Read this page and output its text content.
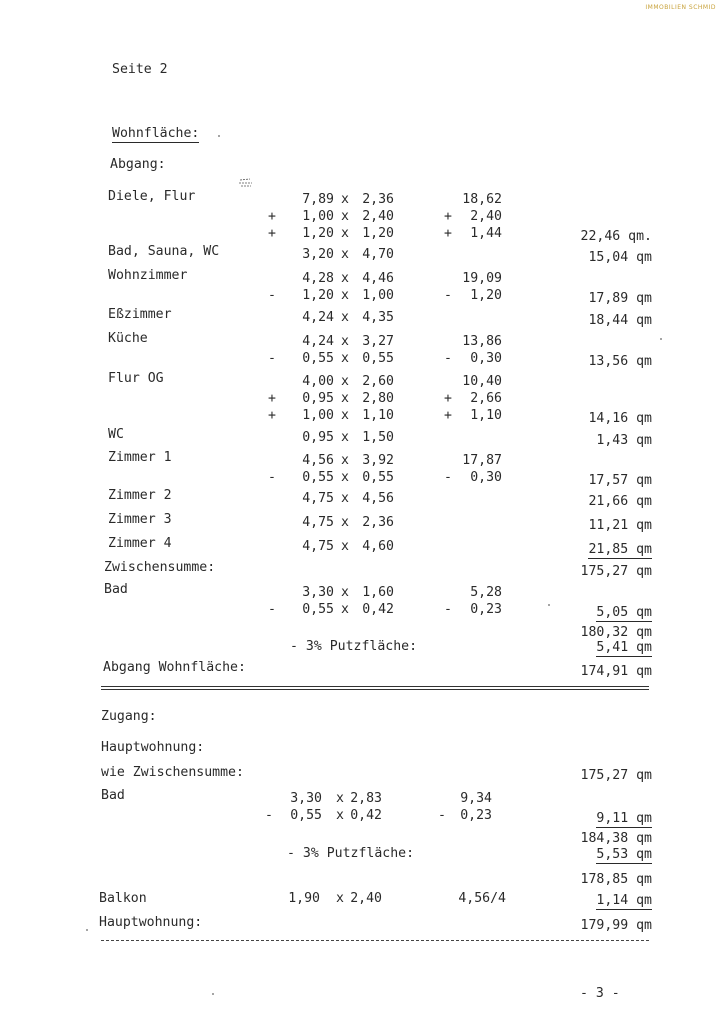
IMMOBILIEN SCHMID
Seite 2
Wohnfläche:
Abgang:
Diele, Flur	7,89 x 2,36	18,62
+ 1,00 x 2,40	+ 2,40
+ 1,20 x 1,20	+ 1,44	22,46 qm.
Bad, Sauna, WC	3,20 x 4,70	15,04 qm
Wohnzimmer	4,28 x 4,46	19,09
- 1,20 x 1,00	- 1,20	17,89 qm
Eßzimmer	4,24 x 4,35	18,44 qm
Küche	4,24 x 3,27	13,86
- 0,55 x 0,55	- 0,30	13,56 qm
Flur OG	4,00 x 2,60	10,40
+ 0,95 x 2,80	+ 2,66
+ 1,00 x 1,10	+ 1,10	14,16 qm
WC	0,95 x 1,50	1,43 qm
Zimmer 1	4,56 x 3,92	17,87
- 0,55 x 0,55	- 0,30	17,57 qm
Zimmer 2	4,75 x 4,56	21,66 qm
Zimmer 3	4,75 x 2,36	11,21 qm
Zimmer 4	4,75 x 4,60	21,85 qm
Zwischensumme:	175,27 qm
Bad	3,30 x 1,60	5,28
- 0,55 x 0,42	- 0,23	5,05 qm
180,32 qm
- 3% Putzfläche:	5,41 qm
Abgang Wohnfläche:	174,91 qm
Zugang:
Hauptwohnung:
wie Zwischensumme:	175,27 qm
Bad	3,30 x 2,83	9,34
- 0,55 x 0,42	- 0,23	9,11 qm
184,38 qm
- 3% Putzfläche:	5,53 qm
178,85 qm
Balkon	1,90 x 2,40	4,56/4	1,14 qm
Hauptwohnung:	179,99 qm
- 3 -
